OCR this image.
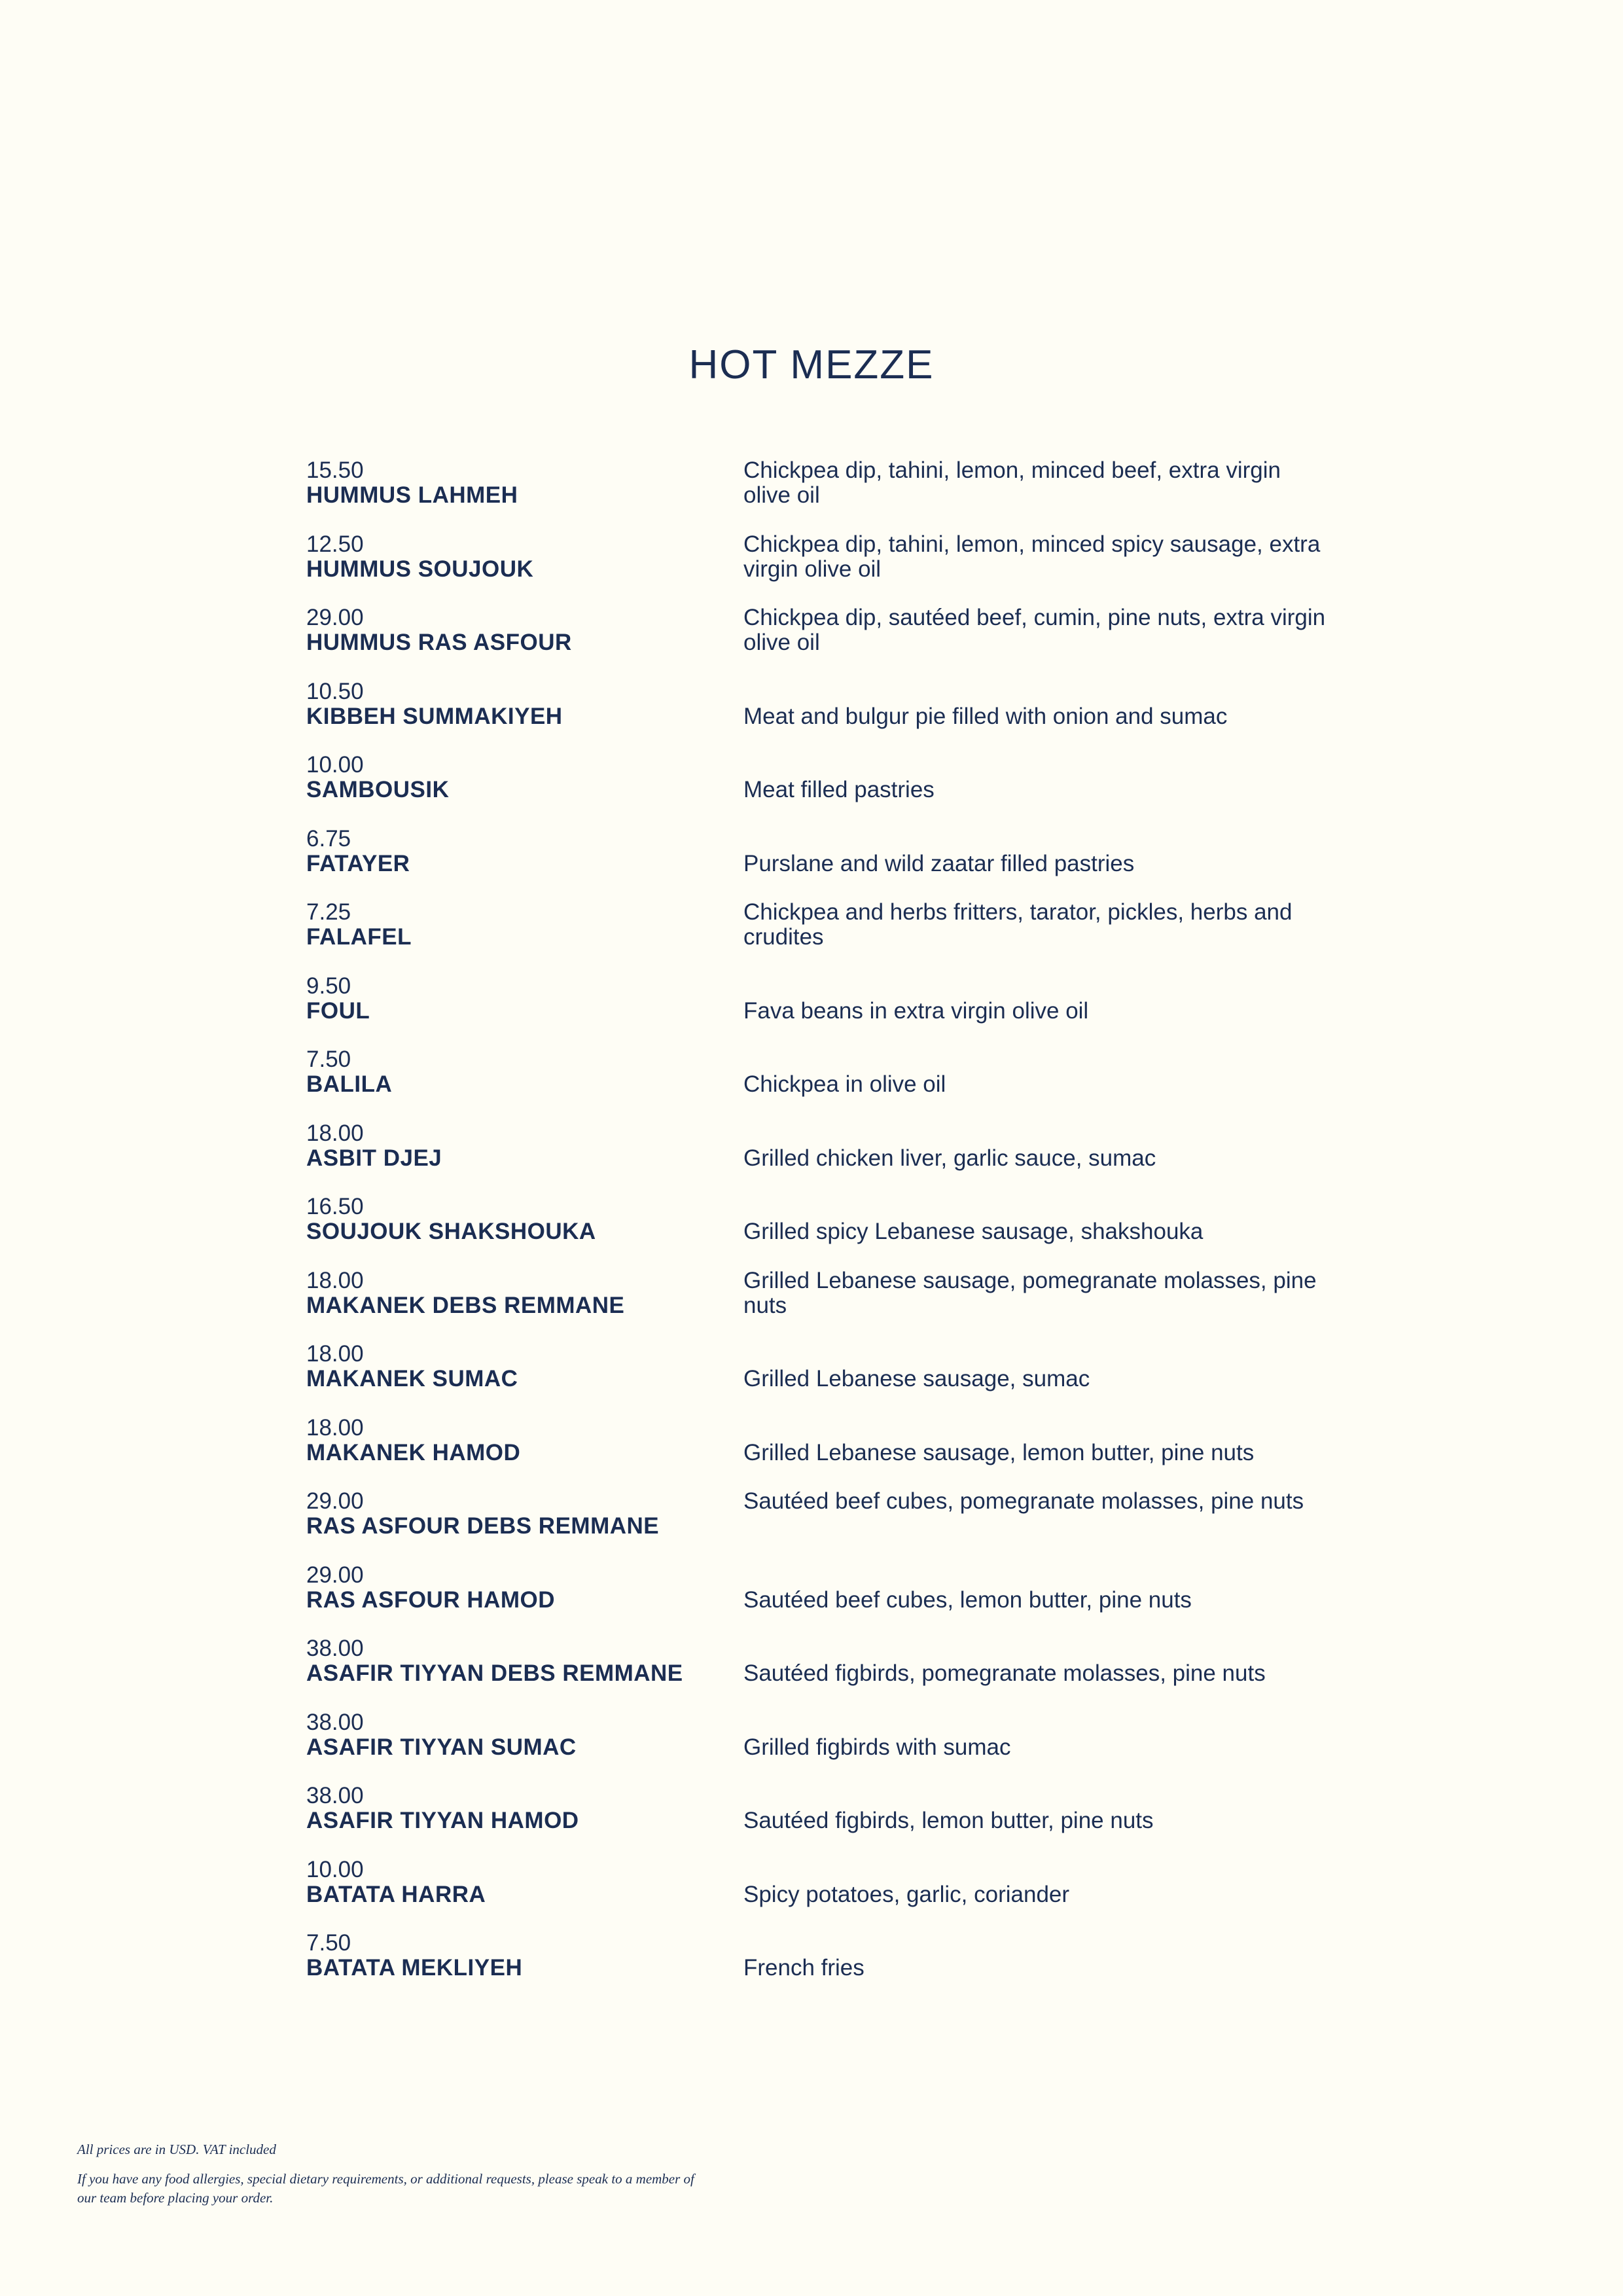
HOT MEZZE
15.50
HUMMUS LAHMEH
Chickpea dip, tahini, lemon, minced beef, extra virgin olive oil
12.50
HUMMUS SOUJOUK
Chickpea dip, tahini, lemon, minced spicy sausage, extra virgin olive oil
29.00
HUMMUS RAS ASFOUR
Chickpea dip, sautéed beef, cumin, pine nuts, extra virgin olive oil
10.50
KIBBEH SUMMAKIYEH	Meat and bulgur pie filled with onion and sumac
10.00
SAMBOUSIK	Meat filled pastries
6.75
FATAYER	Purslane and wild zaatar filled pastries
7.25
FALAFEL
Chickpea and herbs fritters, tarator, pickles, herbs and crudites
9.50
FOUL	Fava beans in extra virgin olive oil
7.50
BALILA	Chickpea in olive oil
18.00
ASBIT DJEJ	Grilled chicken liver, garlic sauce, sumac
16.50
SOUJOUK SHAKSHOUKA	Grilled spicy Lebanese sausage, shakshouka
18.00
MAKANEK DEBS REMMANE
Grilled Lebanese sausage, pomegranate molasses, pine nuts
18.00
MAKANEK SUMAC	Grilled Lebanese sausage, sumac
18.00
MAKANEK HAMOD	Grilled Lebanese sausage, lemon butter, pine nuts
29.00
RAS ASFOUR DEBS REMMANE
Sautéed beef cubes, pomegranate molasses, pine nuts
29.00
RAS ASFOUR HAMOD	Sautéed beef cubes, lemon butter, pine nuts
38.00
ASAFIR TIYYAN DEBS REMMANE	Sautéed figbirds, pomegranate molasses, pine nuts
38.00
ASAFIR TIYYAN SUMAC	Grilled figbirds with sumac
38.00
ASAFIR TIYYAN HAMOD	Sautéed figbirds, lemon butter, pine nuts
10.00
BATATA HARRA	Spicy potatoes, garlic, coriander
7.50
BATATA MEKLIYEH	French fries
All prices are in USD. VAT included
If you have any food allergies, special dietary requirements, or additional requests, please speak to a member of our team before placing your order.
